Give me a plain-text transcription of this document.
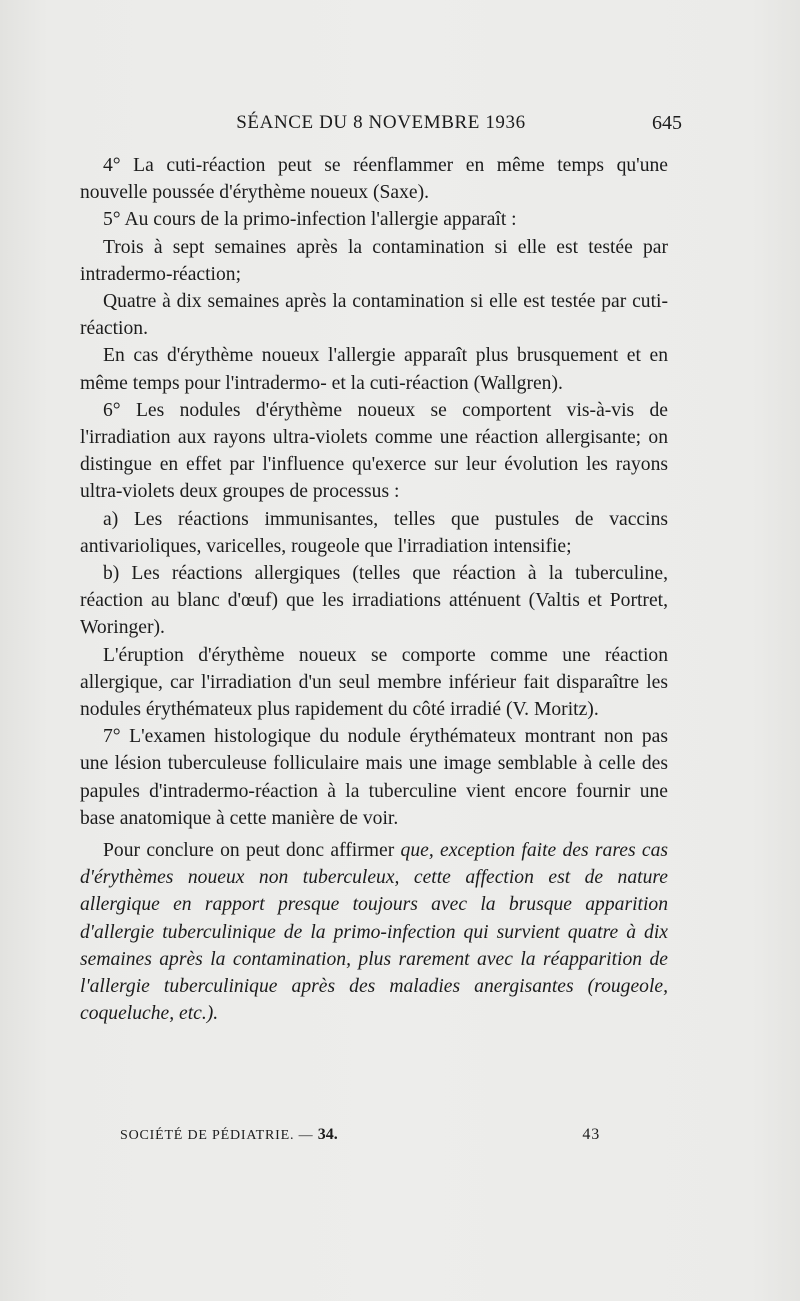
SÉANCE DU 8 NOVEMBRE 1936	645

4° La cuti-réaction peut se réenflammer en même temps qu'une nouvelle poussée d'érythème noueux (Saxe).

5° Au cours de la primo-infection l'allergie apparaît :

Trois à sept semaines après la contamination si elle est testée par intradermo-réaction;

Quatre à dix semaines après la contamination si elle est testée par cuti-réaction.

En cas d'érythème noueux l'allergie apparaît plus brusquement et en même temps pour l'intradermo- et la cuti-réaction (Wallgren).

6° Les nodules d'érythème noueux se comportent vis-à-vis de l'irradiation aux rayons ultra-violets comme une réaction allergisante; on distingue en effet par l'influence qu'exerce sur leur évolution les rayons ultra-violets deux groupes de processus :

a) Les réactions immunisantes, telles que pustules de vaccins antivarioliques, varicelles, rougeole que l'irradiation intensifie;

b) Les réactions allergiques (telles que réaction à la tuberculine, réaction au blanc d'œuf) que les irradiations atténuent (Valtis et Portret, Woringer).

L'éruption d'érythème noueux se comporte comme une réaction allergique, car l'irradiation d'un seul membre inférieur fait disparaître les nodules érythémateux plus rapidement du côté irradié (V. Moritz).

7° L'examen histologique du nodule érythémateux montrant non pas une lésion tuberculeuse folliculaire mais une image semblable à celle des papules d'intradermo-réaction à la tuberculine vient encore fournir une base anatomique à cette manière de voir.

Pour conclure on peut donc affirmer que, exception faite des rares cas d'érythèmes noueux non tuberculeux, cette affection est de nature allergique en rapport presque toujours avec la brusque apparition d'allergie tuberculinique de la primo-infection qui survient quatre à dix semaines après la contamination, plus rarement avec la réapparition de l'allergie tuberculinique après des maladies anergisantes (rougeole, coqueluche, etc.).

SOCIÉTÉ DE PÉDIATRIE. — 34.	43
